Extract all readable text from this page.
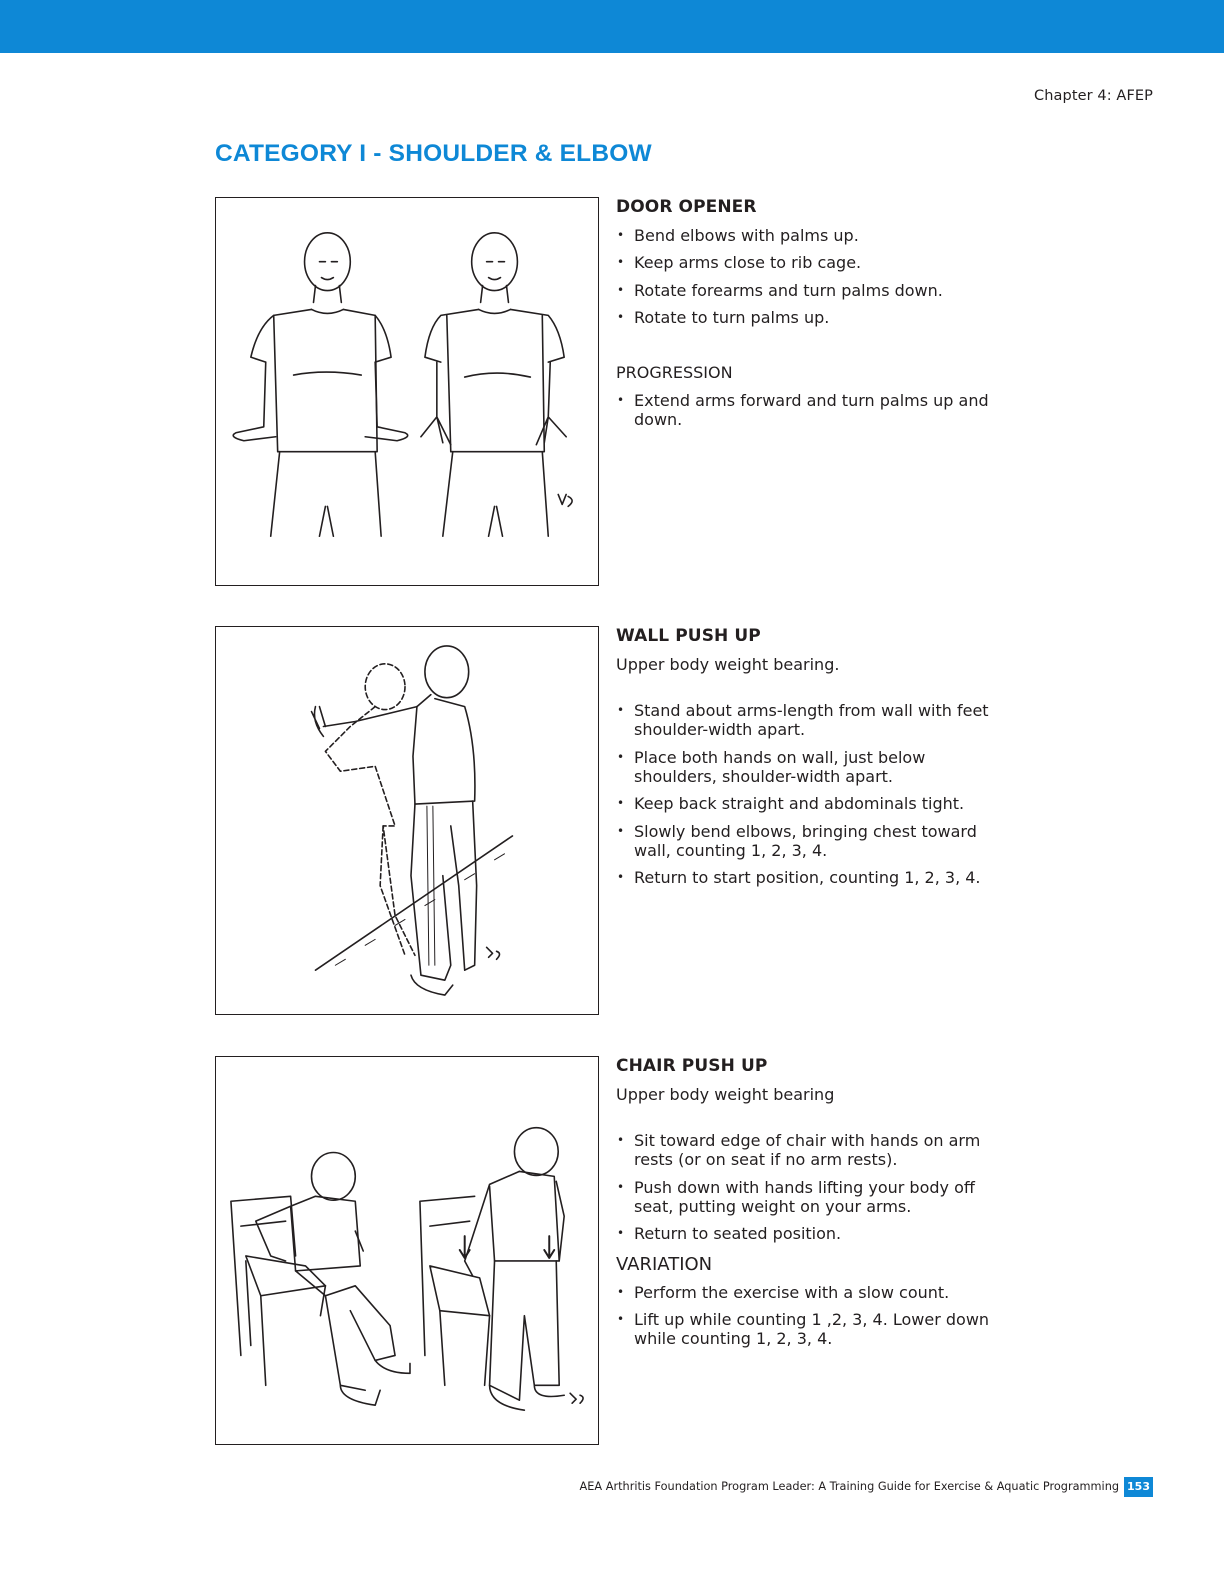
Chapter 4: AFEP
CATEGORY I - SHOULDER & ELBOW
DOOR OPENER
• Bend elbows with palms up.
• Keep arms close to rib cage.
• Rotate forearms and turn palms down.
• Rotate to turn palms up.
PROGRESSION
• Extend arms forward and turn palms up and down.
WALL PUSH UP
Upper body weight bearing.
• Stand about arms-length from wall with feet shoulder-width apart.
• Place both hands on wall, just below shoulders, shoulder-width apart.
• Keep back straight and abdominals tight.
• Slowly bend elbows, bringing chest toward wall, counting 1, 2, 3, 4.
• Return to start position, counting 1, 2, 3, 4.
CHAIR PUSH UP
Upper body weight bearing
• Sit toward edge of chair with hands on arm rests (or on seat if no arm rests).
• Push down with hands lifting your body off seat, putting weight on your arms.
• Return to seated position.
VARIATION
• Perform the exercise with a slow count.
• Lift up while counting 1 ,2, 3, 4. Lower down while counting 1, 2, 3, 4.
AEA Arthritis Foundation Program Leader: A Training Guide for Exercise & Aquatic Programming 153
